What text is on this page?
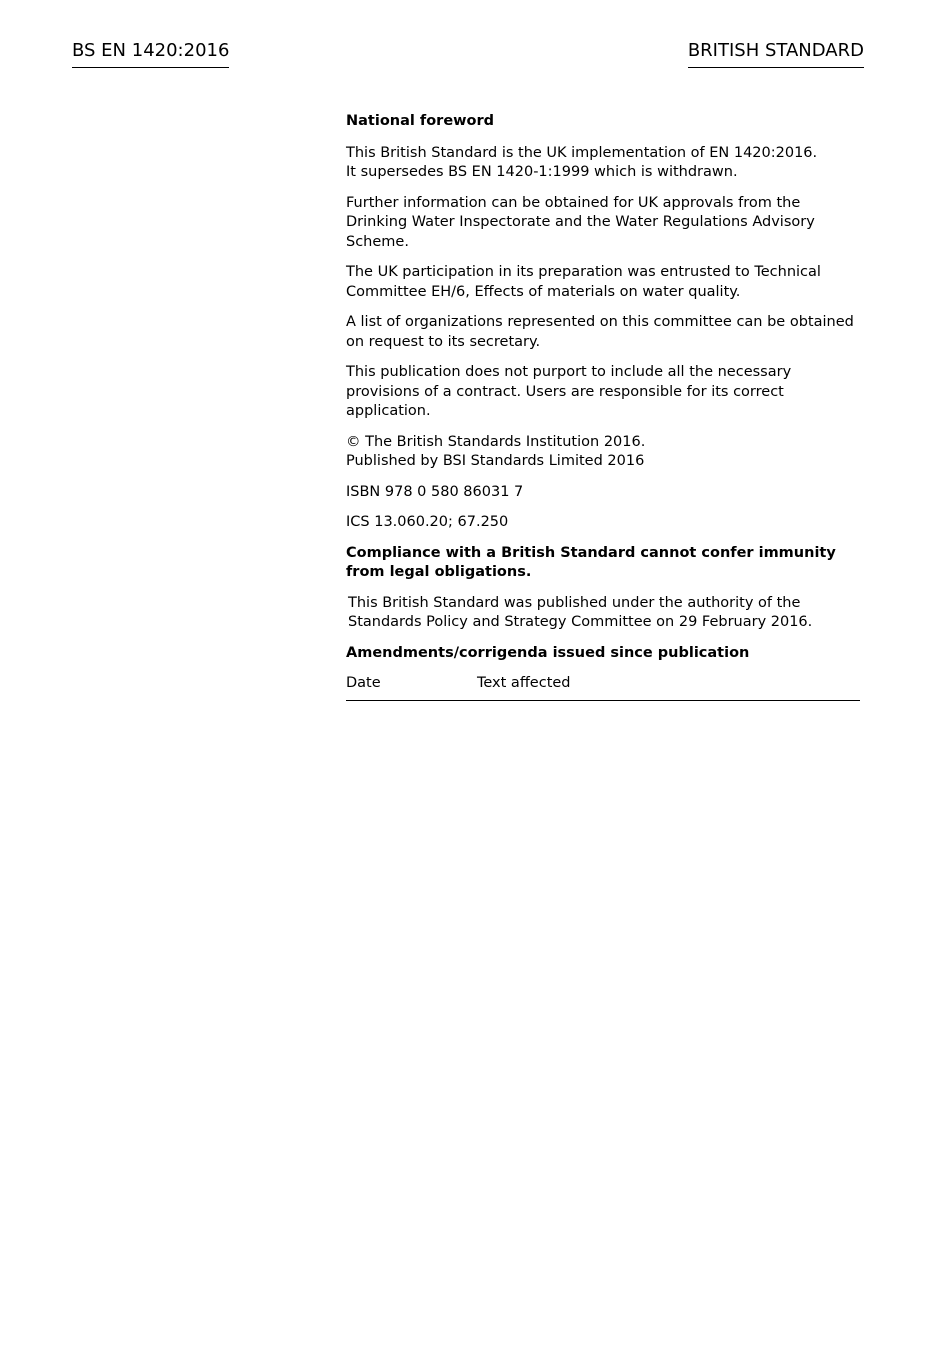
BS EN 1420:2016	BRITISH STANDARD

National foreword

This British Standard is the UK implementation of EN 1420:2016.
It supersedes BS EN 1420-1:1999 which is withdrawn.

Further information can be obtained for UK approvals from the Drinking Water Inspectorate and the Water Regulations Advisory Scheme.

The UK participation in its preparation was entrusted to Technical Committee EH/6, Effects of materials on water quality.

A list of organizations represented on this committee can be obtained on request to its secretary.

This publication does not purport to include all the necessary provisions of a contract. Users are responsible for its correct application.

© The British Standards Institution 2016.
Published by BSI Standards Limited 2016

ISBN 978 0 580 86031 7

ICS 13.060.20; 67.250

Compliance with a British Standard cannot confer immunity from legal obligations.

This British Standard was published under the authority of the
Standards Policy and Strategy Committee on 29 February 2016.

Amendments/corrigenda issued since publication

Date	Text affected
